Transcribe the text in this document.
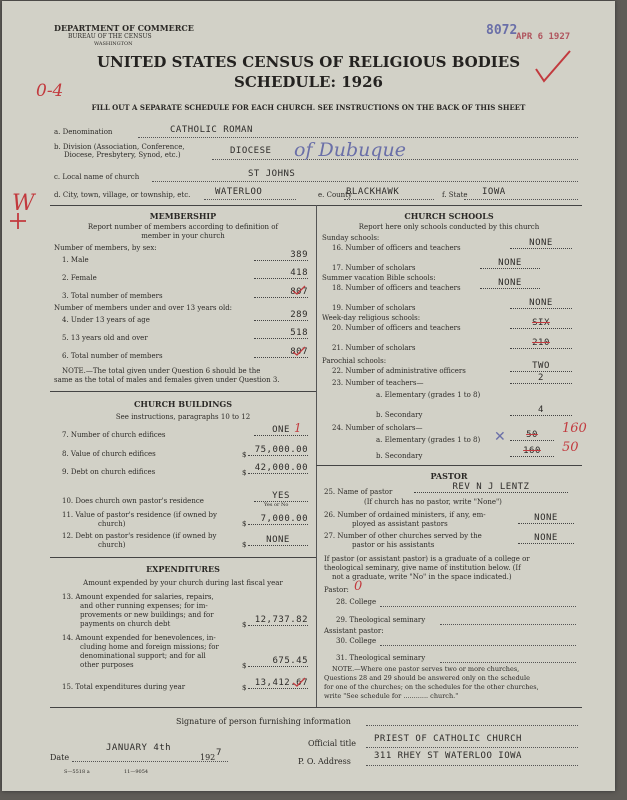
DEPARTMENT OF COMMERCE
BUREAU OF THE CENSUS
WASHINGTON
UNITED STATES CENSUS OF RELIGIOUS BODIES
SCHEDULE: 1926
FILL OUT A SEPARATE SCHEDULE FOR EACH CHURCH. SEE INSTRUCTIONS ON THE BACK OF THIS SHEET
8072
APR 6 1927
0-4
a. Denomination	CATHOLIC ROMAN
b. Division (Association, Conference,
Diocese, Presbytery, Synod, etc.)	DIOCESE of Dubuque
c. Local name of church	ST JOHNS
d. City, town, village, or township, etc.	WATERLOO	e. County
BLACKHAWK	f. State IOWA
W	MEMBERSHIP
Report number of members according to definition of
member in your church
Number of members, by sex:
1. Male	389
2. Female	418
3. Total number of members	807
Number of members under and over 13 years old:
4. Under 13 years of age	289
5. 13 years old and over	518
6. Total number of members	807
NOTE.—The total given under Question 6 should be the
same as the total of males and females given under Question 3.
CHURCH BUILDINGS
See instructions, paragraphs 10 to 12
7. Number of church edifices	ONE 1
8. Value of church edifices	$ 75,000.00
9. Debt on church edifices	$ 42,000.00
10. Does church own pastor's residence	YES
Yes or No
11. Value of pastor's residence (if owned by
church)	$	7,000.00
12. Debt on pastor's residence (if owned by
church)	$	NONE
EXPENDITURES
Amount expended by your church during last fiscal year
13. Amount expended for salaries, repairs,
and other running expenses; for im-
provements or new buildings; and for
payments on church debt	$ 12,737.82
14. Amount expended for benevolences, in-
cluding home and foreign missions; for
denominational support; and for all
other purposes	$	675.45
15. Total expenditures during year	$ 13,412.67
CHURCH SCHOOLS
Report here only schools conducted by this church
Sunday schools:
16. Number of officers and teachers	NONE
17. Number of scholars	NONE
Summer vacation Bible schools:
18. Number of officers and teachers	NONE
19. Number of scholars	NONE
Week-day religious schools:
20. Number of officers and teachers	SIX
21. Number of scholars	210
Parochial schools:
22. Number of administrative officers	TWO
23. Number of teachers—
a. Elementary (grades 1 to 8)
2
b. Secondary	4
24. Number of scholars—
a. Elementary (grades 1 to 8)	50	160
✕
b. Secondary	160	50
PASTOR
25. Name of pastor	REV N J LENTZ
(If church has no pastor, write "None")
26. Number of ordained ministers, if any, em-
ployed as assistant pastors
NONE
27. Number of other churches served by the
pastor or his assistants
NONE
If pastor (or assistant pastor) is a graduate of a college or
theological seminary, give name of institution below. (If
not a graduate, write "No" in the space indicated.)
Pastor: 0
28. College
29. Theological seminary
Assistant pastor:
30. College
31. Theological seminary
NOTE.—Where one pastor serves two or more churches,
Questions 28 and 29 should be answered only on the schedule
for one of the churches; on the schedules for the other churches,
write "See schedule for ............ church."
Signature of person furnishing information
Official title PRIEST OF CATHOLIC CHURCH
Date
JANUARY 4th
192 7
P. O. Address
311 RHEY ST WATERLOO IOWA
S—5518 a	11—9054
